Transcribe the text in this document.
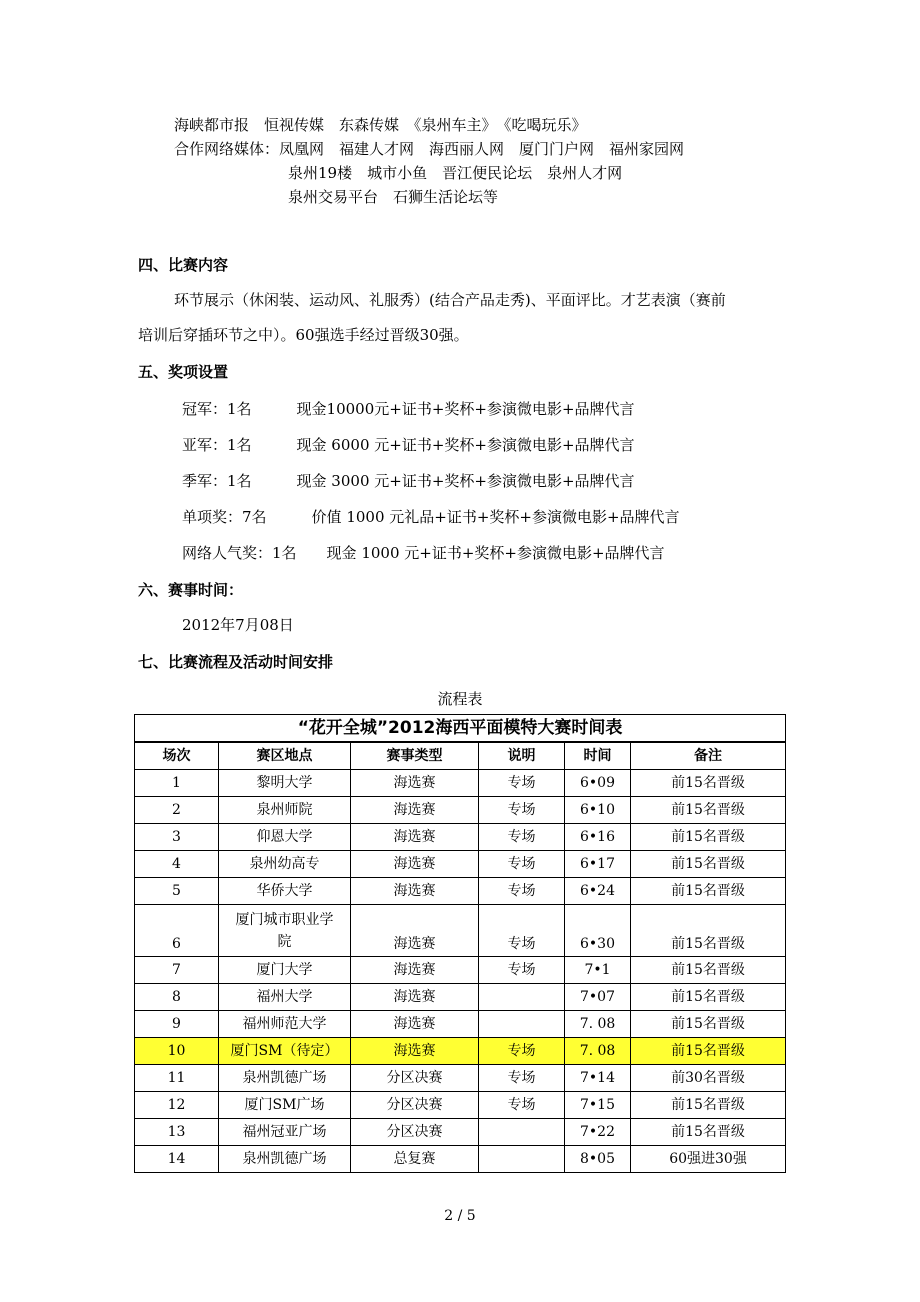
海峡都市报　恒视传媒　东森传媒　《泉州车主》　《吃喝玩乐》
合作网络媒体：凤凰网　福建人才网　海西丽人网　厦门门户网　福州家园网
泉州19楼　城市小鱼　晋江便民论坛　泉州人才网
泉州交易平台　石狮生活论坛等
四、比赛内容
环节展示（休闲装、运动风、礼服秀）(结合产品走秀)、平面评比。才艺表演（赛前
培训后穿插环节之中）。60强选手经过晋级30强。
五、奖项设置
冠军：1名　　　现金10000元+证书+奖杯+参演微电影+品牌代言
亚军：1名　　　现金 6000 元+证书+奖杯+参演微电影+品牌代言
季军：1名　　　现金 3000 元+证书+奖杯+参演微电影+品牌代言
单项奖：7名　　　价值 1000 元礼品+证书+奖杯+参演微电影+品牌代言
网络人气奖：1名　　现金 1000 元+证书+奖杯+参演微电影+品牌代言
六、赛事时间：
2012年7月08日
七、比赛流程及活动时间安排
流程表
“花开全城”2012海西平面模特大赛时间表					
场次	赛区地点	赛事类型	说明	时间	备注
1	黎明大学	海选赛	专场	6•09	前15名晋级
2	泉州师院	海选赛	专场	6•10	前15名晋级
3	仰恩大学	海选赛	专场	6•16	前15名晋级
4	泉州幼高专	海选赛	专场	6•17	前15名晋级
5	华侨大学	海选赛	专场	6•24	前15名晋级
6	厦门城市职业学院	海选赛	专场	6•30	前15名晋级
7	厦门大学	海选赛	专场	7•1	前15名晋级
8	福州大学	海选赛		7•07	前15名晋级
9	福州师范大学	海选赛		7. 08	前15名晋级
10	厦门SM（待定）	海选赛	专场	7. 08	前15名晋级
11	泉州凯德广场	分区决赛	专场	7•14	前30名晋级
12	厦门SM广场	分区决赛	专场	7•15	前15名晋级
13	福州冠亚广场	分区决赛		7•22	前15名晋级
14	泉州凯德广场	总复赛		8•05	60强进30强
2 / 5
